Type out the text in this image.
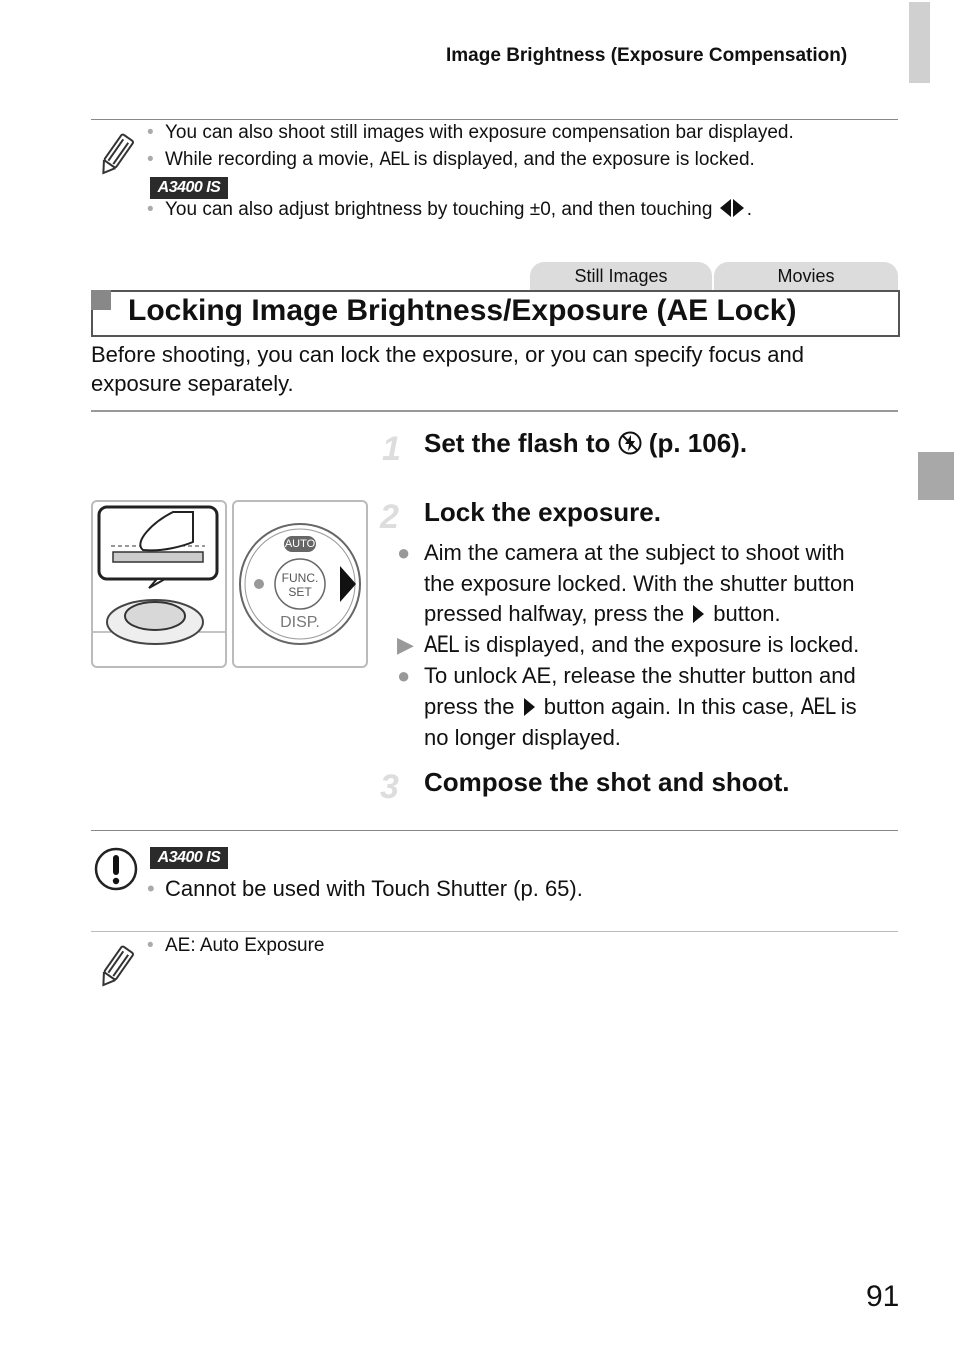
Image Brightness (Exposure Compensation)
• You can also shoot still images with exposure compensation bar displayed.
• While recording a movie, AEL is displayed, and the exposure is locked.
A3400 IS
• You can also adjust brightness by touching ±0, and then touching .
Still Images	Movies
Locking Image Brightness/Exposure (AE Lock)
Before shooting, you can lock the exposure, or you can specify focus and exposure separately.
1 Set the flash to  (p. 106).
AUTO
FUNC.
SET
DISP.
2 Lock the exposure.
● Aim the camera at the subject to shoot with
the exposure locked. With the shutter button
pressed halfway, press the  button.
▶ AEL is displayed, and the exposure is locked.
● To unlock AE, release the shutter button and
press the  button again. In this case, AEL is
no longer displayed.
3 Compose the shot and shoot.
A3400 IS
• Cannot be used with Touch Shutter (p. 65).
• AE: Auto Exposure
91
